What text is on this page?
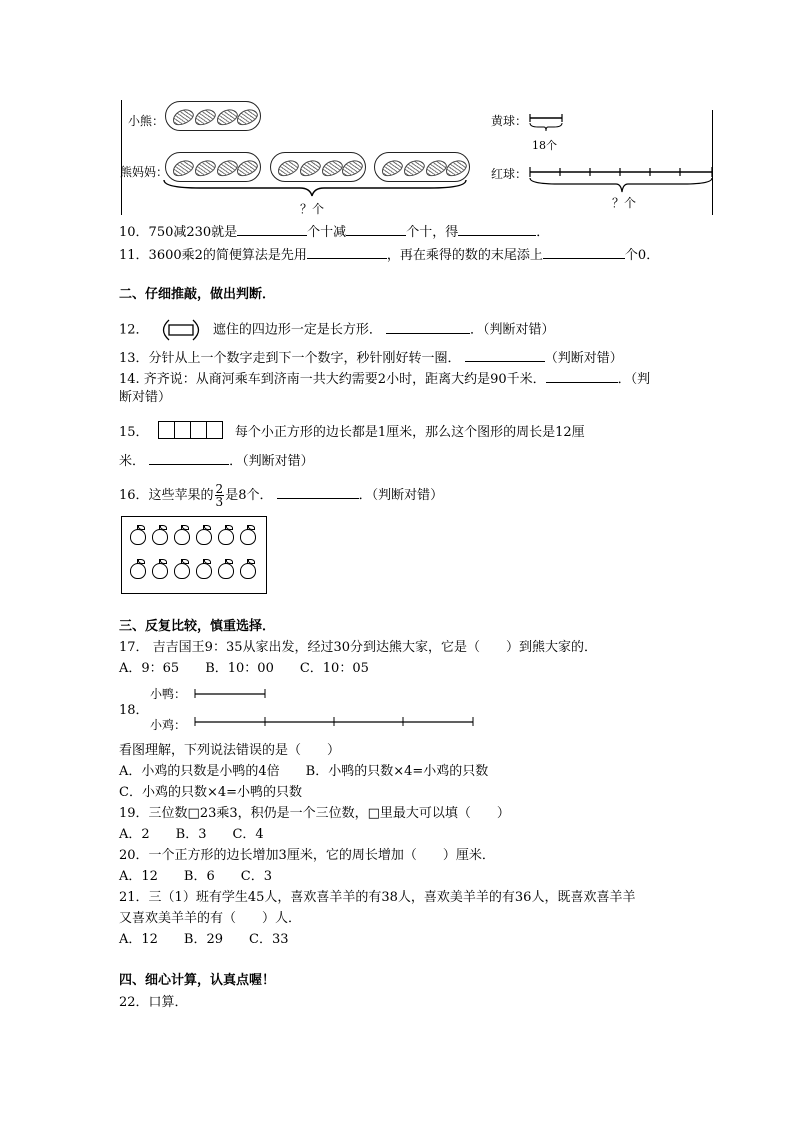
小熊：
熊妈妈：
？个
黄球：
18个
红球：
？个
10．750减230就是	个十减	个十，得	．
11．3600乘2的简便算法是先用	，再在乘得的数的末尾添上	个0．
二、仔细推敲，做出判断．
12．	遮住的四边形一定是长方形．	．（判断对错）
13．分针从上一个数字走到下一个数字，秒针刚好转一圈．	（判断对错）
14. 齐齐说：从商河乘车到济南一共大约需要2小时，距离大约是90千米．	．（判
断对错）
15．	每个小正方形的边长都是1厘米，那么这个图形的周长是12厘
米．	．（判断对错）
16．这些苹果的 $\frac{2}{3}$ 是8个．	．（判断对错）
三、反复比较，慎重选择．
17． 吉吉国王9：35从家出发，经过30分到达熊大家，它是（　　）到熊大家的．
A．9：65　　B．10：00　　C．10：05
小鸭：
18．
小鸡：
看图理解，下列说法错误的是（　　）
A．小鸡的只数是小鸭的4倍　　B．小鸭的只数×4=小鸡的只数
C．小鸡的只数×4=小鸭的只数
19．三位数□23乘3，积仍是一个三位数，□里最大可以填（　　）
A．2　　B．3　　C．4
20．一个正方形的边长增加3厘米，它的周长增加（　　）厘米．
A．12　　B．6　　C．3
21．三（1）班有学生45人，喜欢喜羊羊的有38人，喜欢美羊羊的有36人，既喜欢喜羊羊
又喜欢美羊羊的有（　　）人．
A．12　　B．29　　C．33
四、细心计算，认真点喔！
22．口算．
